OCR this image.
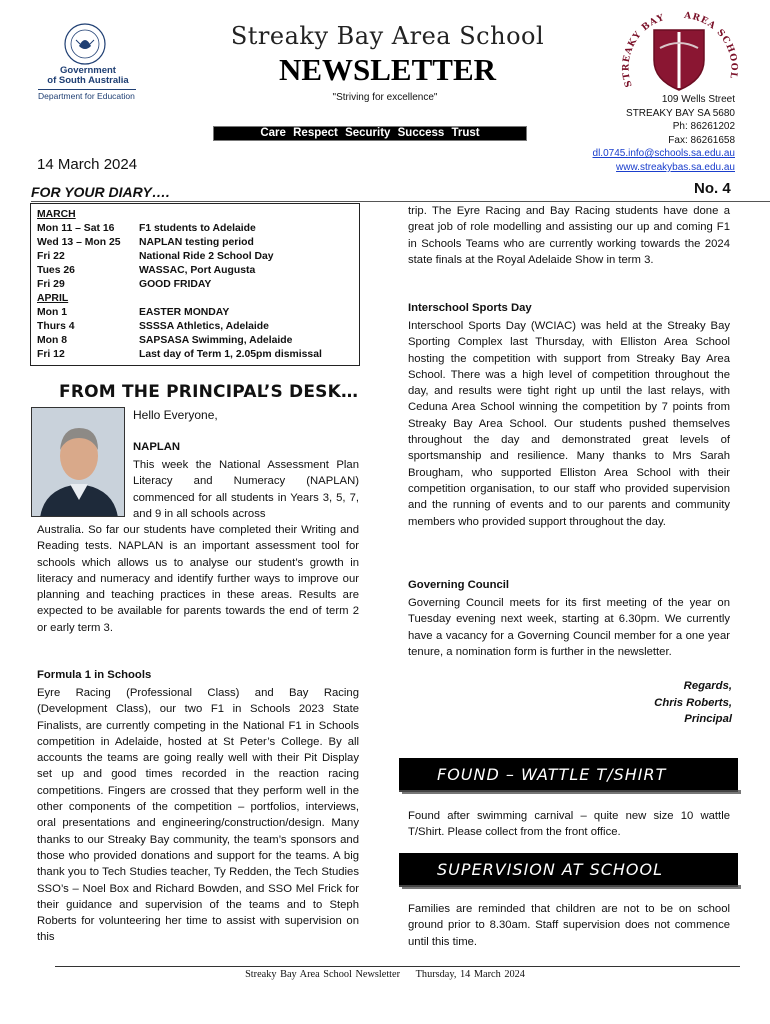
Government
of South Australia
Department for Education
Streaky Bay Area School
NEWSLETTER
"Striving for excellence"
Care Respect Security Success Trust
STREAKY BAY AREA SCHOOL
109 Wells Street
STREAKY BAY SA 5680
Ph: 86261202
Fax: 86261658
dl.0745.info@schools.sa.edu.au
www.streakybas.sa.edu.au
14 March 2024
No. 4
FOR YOUR DIARY….
MARCH
Mon 11 – Sat 16	F1 students to Adelaide
Wed 13 – Mon 25	NAPLAN testing period
Fri 22	National Ride 2 School Day
Tues 26	WASSAC, Port Augusta
Fri 29	GOOD FRIDAY
APRIL
Mon 1	EASTER MONDAY
Thurs 4	SSSSA Athletics, Adelaide
Mon 8	SAPSASA Swimming, Adelaide
Fri 12	Last day of Term 1, 2.05pm dismissal
FROM THE PRINCIPAL’S DESK…
Hello Everyone,
NAPLAN
This week the National Assessment Plan Literacy and Numeracy (NAPLAN) commenced for all students in Years 3, 5, 7, and 9 in all schools across
Australia. So far our students have completed their Writing and Reading tests. NAPLAN is an important assessment tool for schools which allows us to analyse our student’s growth in literacy and numeracy and identify further ways to improve our planning and teaching practices in these areas. Results are expected to be available for parents towards the end of term 2 or early term 3.
Formula 1 in Schools
Eyre Racing (Professional Class) and Bay Racing (Development Class), our two F1 in Schools 2023 State Finalists, are currently competing in the National F1 in Schools competition in Adelaide, hosted at St Peter’s College. By all accounts the teams are going really well with their Pit Display set up and good times recorded in the reaction racing competitions. Fingers are crossed that they perform well in the other components of the competition – portfolios, interviews, oral presentations and engineering/construction/design. Many thanks to our Streaky Bay community, the team’s sponsors and those who provided donations and support for the teams. A big thank you to Tech Studies teacher, Ty Redden, the Tech Studies SSO’s – Noel Box and Richard Bowden, and SSO Mel Frick for their guidance and supervision of the teams and to Steph Roberts for volunteering her time to assist with supervision on this
trip. The Eyre Racing and Bay Racing students have done a great job of role modelling and assisting our up and coming F1 in Schools Teams who are currently working towards the 2024 state finals at the Royal Adelaide Show in term 3.
Interschool Sports Day
Interschool Sports Day (WCIAC) was held at the Streaky Bay Sporting Complex last Thursday, with Elliston Area School hosting the competition with support from Streaky Bay Area School. There was a high level of competition throughout the day, and results were tight right up until the last relays, with Ceduna Area School winning the competition by 7 points from Streaky Bay Area School. Our students pushed themselves throughout the day and demonstrated great levels of sportsmanship and resilience. Many thanks to Mrs Sarah Brougham, who supported Elliston Area School with their competition organisation, to our staff who provided supervision and the running of events and to our parents and community members who provided support throughout the day.
Governing Council
Governing Council meets for its first meeting of the year on Tuesday evening next week, starting at 6.30pm. We currently have a vacancy for a Governing Council member for a one year tenure, a nomination form is further in the newsletter.
Regards,
Chris Roberts,
Principal
FOUND – WATTLE T/SHIRT
Found after swimming carnival – quite new size 10 wattle T/Shirt. Please collect from the front office.
SUPERVISION AT SCHOOL
Families are reminded that children are not to be on school ground prior to 8.30am. Staff supervision does not commence until this time.
Streaky Bay Area School Newsletter Thursday, 14 March 2024
